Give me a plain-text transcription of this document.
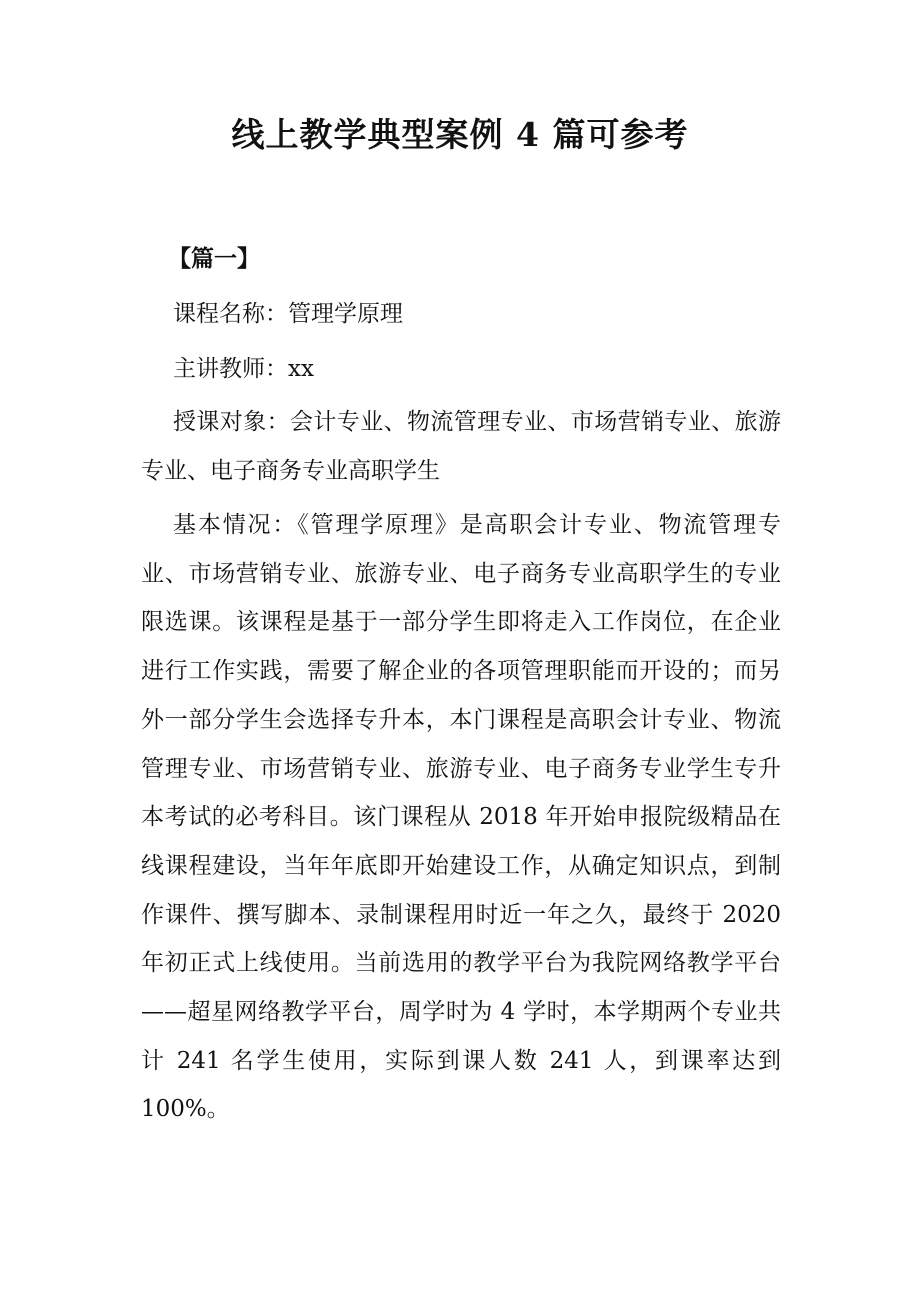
线上教学典型案例 4 篇可参考
【篇一】
课程名称：管理学原理
主讲教师：xx
授课对象：会计专业、物流管理专业、市场营销专业、旅游专业、电子商务专业高职学生
基本情况：《管理学原理》是高职会计专业、物流管理专业、市场营销专业、旅游专业、电子商务专业高职学生的专业限选课。该课程是基于一部分学生即将走入工作岗位，在企业进行工作实践，需要了解企业的各项管理职能而开设的；而另外一部分学生会选择专升本，本门课程是高职会计专业、物流管理专业、市场营销专业、旅游专业、电子商务专业学生专升本考试的必考科目。该门课程从 2018 年开始申报院级精品在线课程建设，当年年底即开始建设工作，从确定知识点，到制作课件、撰写脚本、录制课程用时近一年之久，最终于 2020 年初正式上线使用。当前选用的教学平台为我院网络教学平台——超星网络教学平台，周学时为 4 学时，本学期两个专业共计 241 名学生使用，实际到课人数 241 人，到课率达到 100%。
